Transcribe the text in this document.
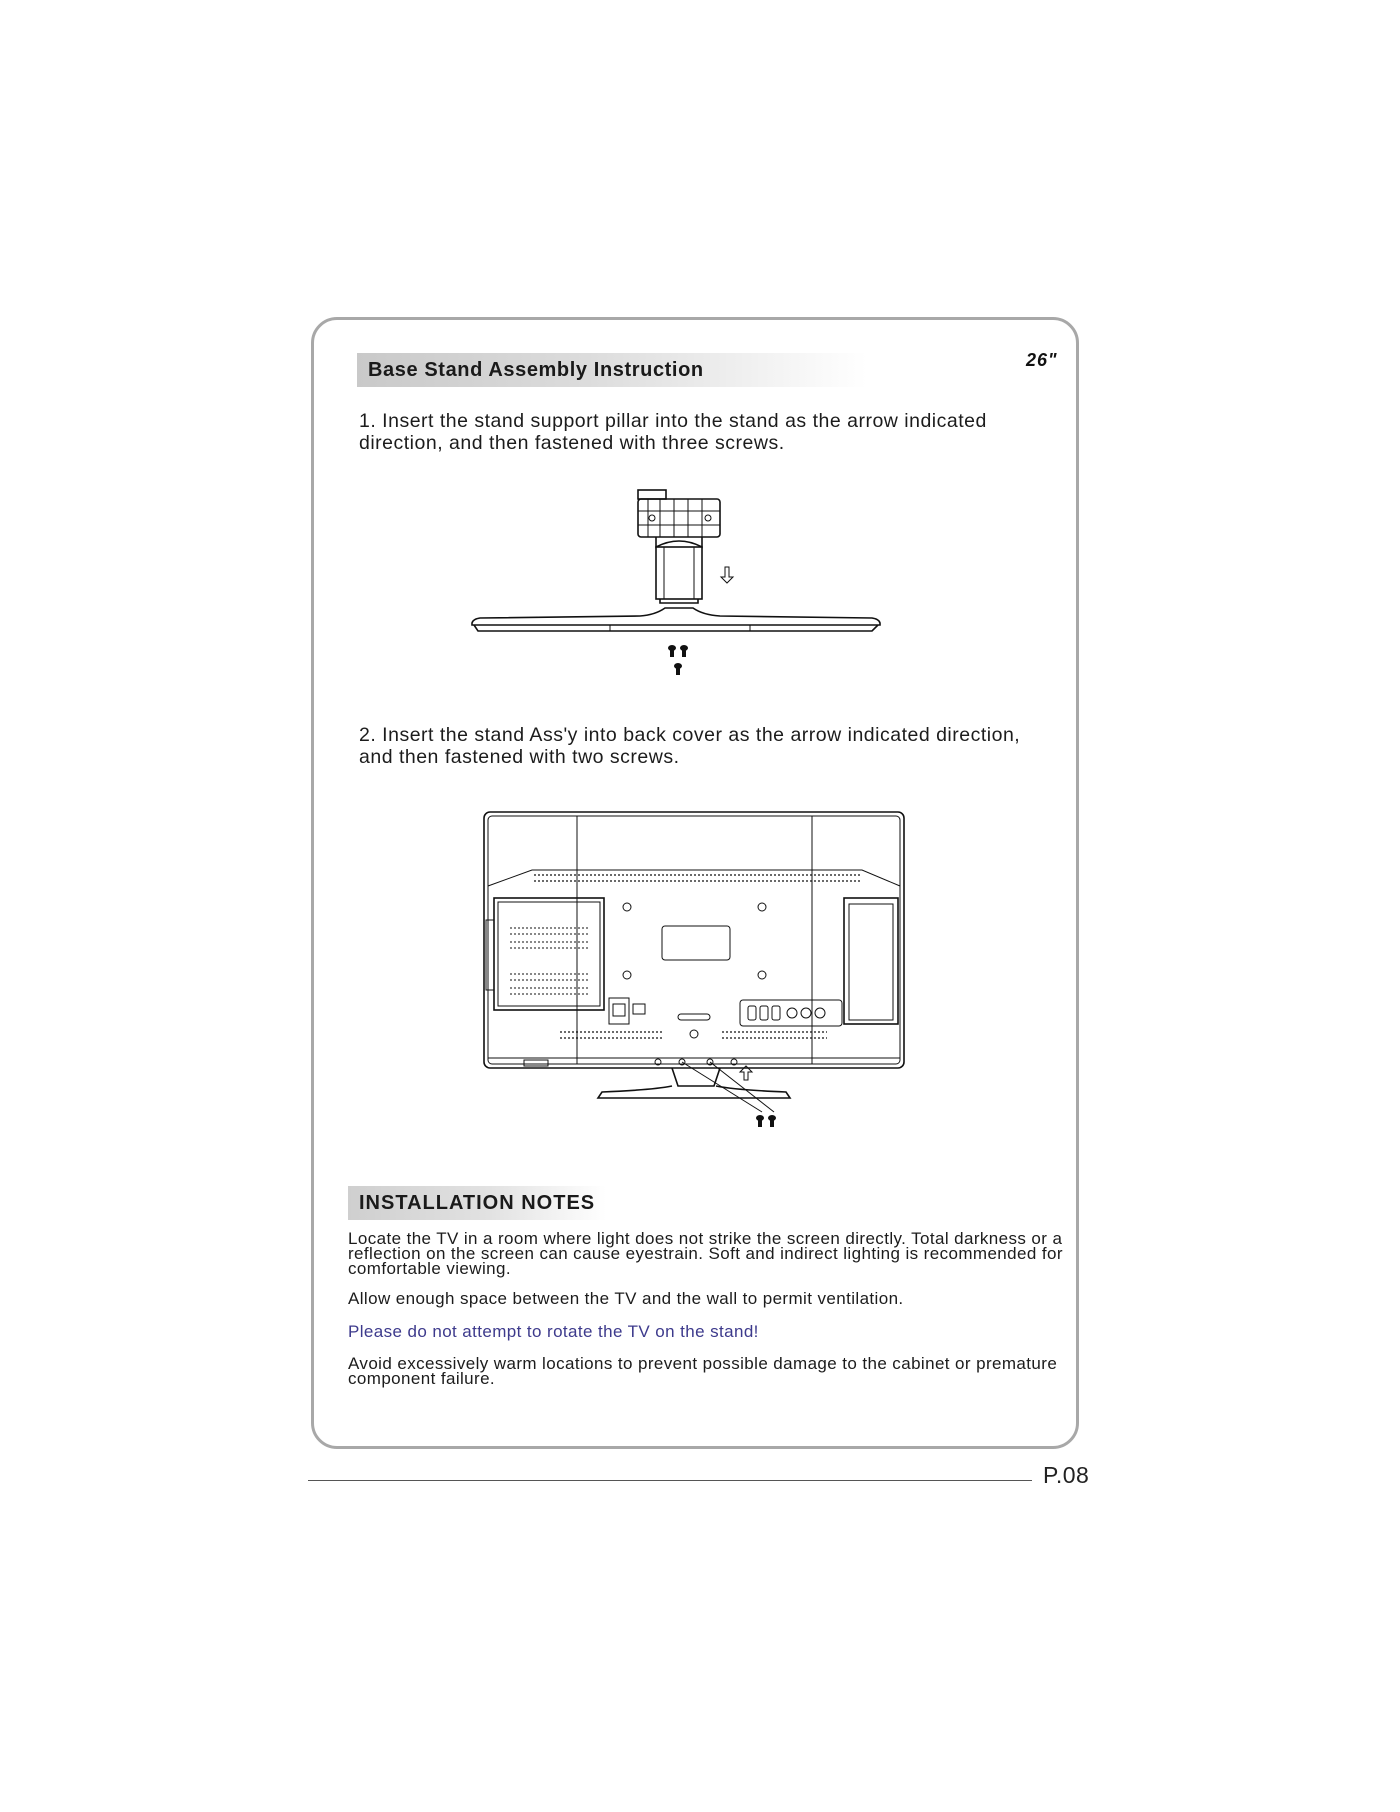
Base Stand Assembly Instruction	26"

1. Insert the stand support pillar into the stand as the arrow indicated direction, and then fastened with three screws.

2. Insert the stand Ass'y into back cover as the arrow indicated direction, and then fastened with two screws.

INSTALLATION NOTES

Locate the TV in a room where light does not strike the screen directly. Total darkness or a reflection on the screen can cause eyestrain. Soft and indirect lighting is recommended for comfortable viewing.

Allow enough space between the TV and the wall to permit ventilation.

Please do not attempt to rotate the TV on the stand!

Avoid excessively warm locations to prevent possible damage to the cabinet or premature component failure.

P.08
